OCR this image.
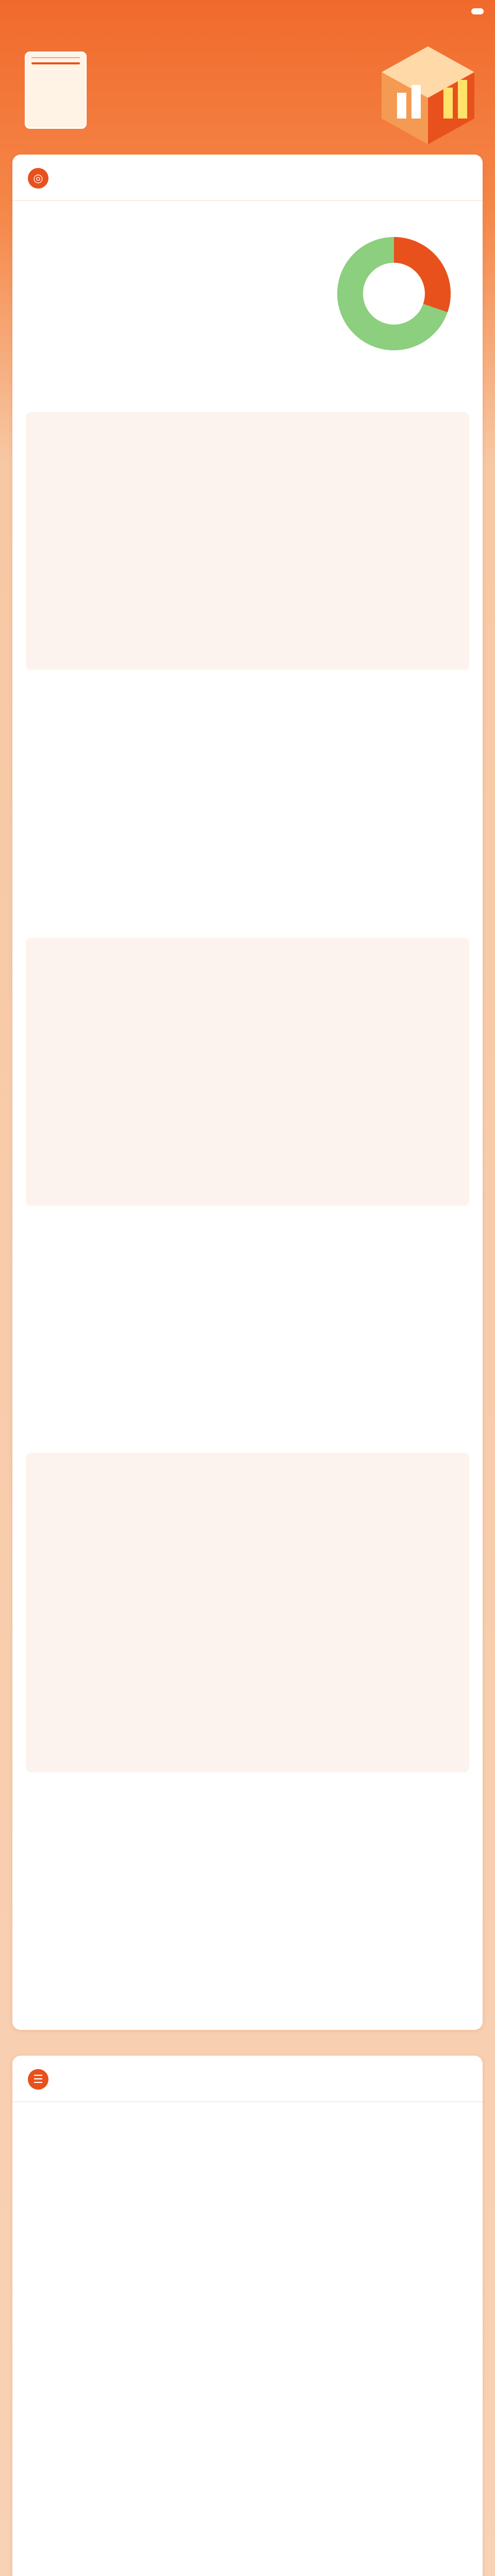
◎
☰
